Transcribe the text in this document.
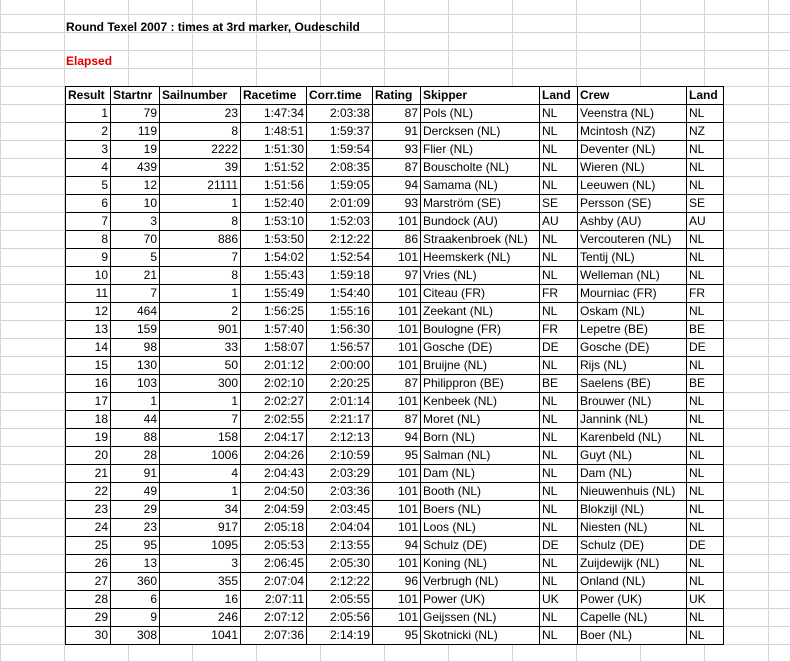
Round Texel 2007 : times at 3rd marker, Oudeschild
Elapsed
Result	Startnr	Sailnumber	Racetime	Corr.time	Rating	Skipper	Land	Crew	Land
1	79	23	1:47:34	2:03:38	87	Pols (NL)	NL	Veenstra (NL)	NL
2	119	8	1:48:51	1:59:37	91	Dercksen (NL)	NL	Mcintosh (NZ)	NZ
3	19	2222	1:51:30	1:59:54	93	Flier (NL)	NL	Deventer (NL)	NL
4	439	39	1:51:52	2:08:35	87	Bouscholte (NL)	NL	Wieren (NL)	NL
5	12	21111	1:51:56	1:59:05	94	Samama (NL)	NL	Leeuwen (NL)	NL
6	10	1	1:52:40	2:01:09	93	Marström (SE)	SE	Persson (SE)	SE
7	3	8	1:53:10	1:52:03	101	Bundock (AU)	AU	Ashby (AU)	AU
8	70	886	1:53:50	2:12:22	86	Straakenbroek (NL)	NL	Vercouteren (NL)	NL
9	5	7	1:54:02	1:52:54	101	Heemskerk (NL)	NL	Tentij (NL)	NL
10	21	8	1:55:43	1:59:18	97	Vries (NL)	NL	Welleman (NL)	NL
11	7	1	1:55:49	1:54:40	101	Citeau (FR)	FR	Mourniac (FR)	FR
12	464	2	1:56:25	1:55:16	101	Zeekant (NL)	NL	Oskam (NL)	NL
13	159	901	1:57:40	1:56:30	101	Boulogne (FR)	FR	Lepetre (BE)	BE
14	98	33	1:58:07	1:56:57	101	Gosche (DE)	DE	Gosche (DE)	DE
15	130	50	2:01:12	2:00:00	101	Bruijne (NL)	NL	Rijs (NL)	NL
16	103	300	2:02:10	2:20:25	87	Philippron (BE)	BE	Saelens (BE)	BE
17	1	1	2:02:27	2:01:14	101	Kenbeek (NL)	NL	Brouwer (NL)	NL
18	44	7	2:02:55	2:21:17	87	Moret (NL)	NL	Jannink (NL)	NL
19	88	158	2:04:17	2:12:13	94	Born (NL)	NL	Karenbeld (NL)	NL
20	28	1006	2:04:26	2:10:59	95	Salman (NL)	NL	Guyt (NL)	NL
21	91	4	2:04:43	2:03:29	101	Dam (NL)	NL	Dam (NL)	NL
22	49	1	2:04:50	2:03:36	101	Booth (NL)	NL	Nieuwenhuis (NL)	NL
23	29	34	2:04:59	2:03:45	101	Boers (NL)	NL	Blokzijl (NL)	NL
24	23	917	2:05:18	2:04:04	101	Loos (NL)	NL	Niesten (NL)	NL
25	95	1095	2:05:53	2:13:55	94	Schulz (DE)	DE	Schulz (DE)	DE
26	13	3	2:06:45	2:05:30	101	Koning (NL)	NL	Zuijdewijk (NL)	NL
27	360	355	2:07:04	2:12:22	96	Verbrugh (NL)	NL	Onland (NL)	NL
28	6	16	2:07:11	2:05:55	101	Power (UK)	UK	Power (UK)	UK
29	9	246	2:07:12	2:05:56	101	Geijssen (NL)	NL	Capelle (NL)	NL
30	308	1041	2:07:36	2:14:19	95	Skotnicki (NL)	NL	Boer (NL)	NL
